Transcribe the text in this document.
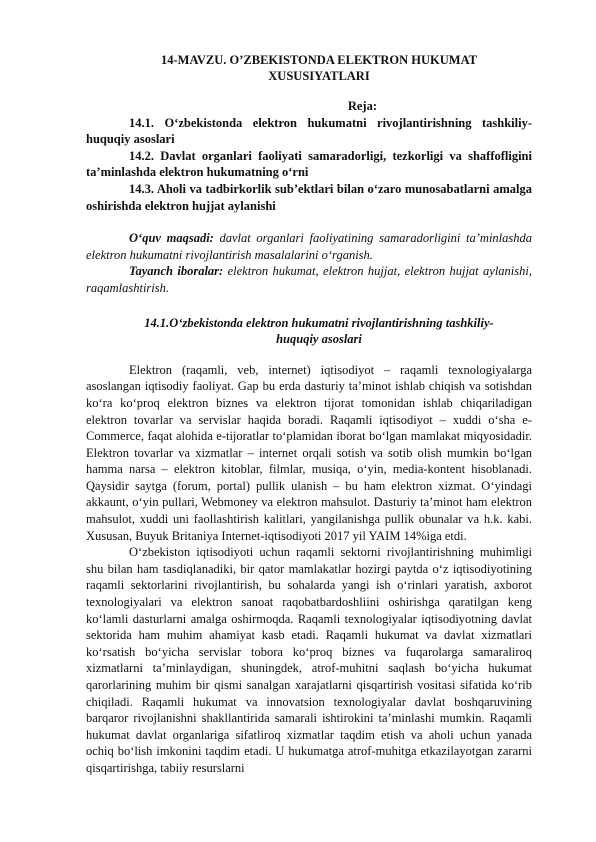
14-MAVZU. O’ZBEKISTONDA ELEKTRON HUKUMAT
XUSUSIYATLARI

Reja:

14.1. O‘zbekistonda elektron hukumatni rivojlantirishning tashkiliy-huquqiy asoslari

14.2. Davlat organlari faoliyati samaradorligi, tezkorligi va shaffofligini ta’minlashda elektron hukumatning o‘rni

14.3. Aholi va tadbirkorlik sub’ektlari bilan o‘zaro munosabatlarni amalga oshirishda elektron hujjat aylanishi

O‘quv maqsadi: davlat organlari faoliyatining samaradorligini ta’minlashda elektron hukumatni rivojlantirish masalalarini o‘rganish.

Tayanch iboralar: elektron hukumat, elektron hujjat, elektron hujjat aylanishi, raqamlashtirish.

14.1.O‘zbekistonda elektron hukumatni rivojlantirishning tashkiliy-
huquqiy asoslari

Elektron (raqamli, veb, internet) iqtisodiyot – raqamli texnologiyalarga asoslangan iqtisodiy faoliyat. Gap bu erda dasturiy ta’minot ishlab chiqish va sotishdan ko‘ra ko‘proq elektron biznes va elektron tijorat tomonidan ishlab chiqariladigan elektron tovarlar va servislar haqida boradi. Raqamli iqtisodiyot – xuddi o‘sha e-Commerce, faqat alohida e-tijoratlar to‘plamidan iborat bo‘lgan mamlakat miqyosidadir. Elektron tovarlar va xizmatlar – internet orqali sotish va sotib olish mumkin bo‘lgan hamma narsa – elektron kitoblar, filmlar, musiqa, o‘yin, media-kontent hisoblanadi. Qaysidir saytga (forum, portal) pullik ulanish – bu ham elektron xizmat. O‘yindagi akkaunt, o‘yin pullari, Webmoney va elektron mahsulot. Dasturiy ta’minot ham elektron mahsulot, xuddi uni faollashtirish kalitlari, yangilanishga pullik obunalar va h.k. kabi. Xususan, Buyuk Britaniya Internet-iqtisodiyoti 2017 yil YAIM 14%iga etdi.

O‘zbekiston iqtisodiyoti uchun raqamli sektorni rivojlantirishning muhimligi shu bilan ham tasdiqlanadiki, bir qator mamlakatlar hozirgi paytda o‘z iqtisodiyotining raqamli sektorlarini rivojlantirish, bu sohalarda yangi ish o‘rinlari yaratish, axborot texnologiyalari va elektron sanoat raqobatbardoshliini oshirishga qaratilgan keng ko‘lamli dasturlarni amalga oshirmoqda. Raqamli texnologiyalar iqtisodiyotning davlat sektorida ham muhim ahamiyat kasb etadi. Raqamli hukumat va davlat xizmatlari ko‘rsatish bo‘yicha servislar tobora ko‘proq biznes va fuqarolarga samaraliroq xizmatlarni ta’minlaydigan, shuningdek, atrof-muhitni saqlash bo‘yicha hukumat qarorlarining muhim bir qismi sanalgan xarajatlarni qisqartirish vositasi sifatida ko‘rib chiqiladi. Raqamli hukumat va innovatsion texnologiyalar davlat boshqaruvining barqaror rivojlanishni shakllantirida samarali ishtirokini ta’minlashi mumkin. Raqamli hukumat davlat organlariga sifatliroq xizmatlar taqdim etish va aholi uchun yanada ochiq bo‘lish imkonini taqdim etadi. U hukumatga atrof-muhitga etkazilayotgan zararni qisqartirishga, tabiiy resurslarni
